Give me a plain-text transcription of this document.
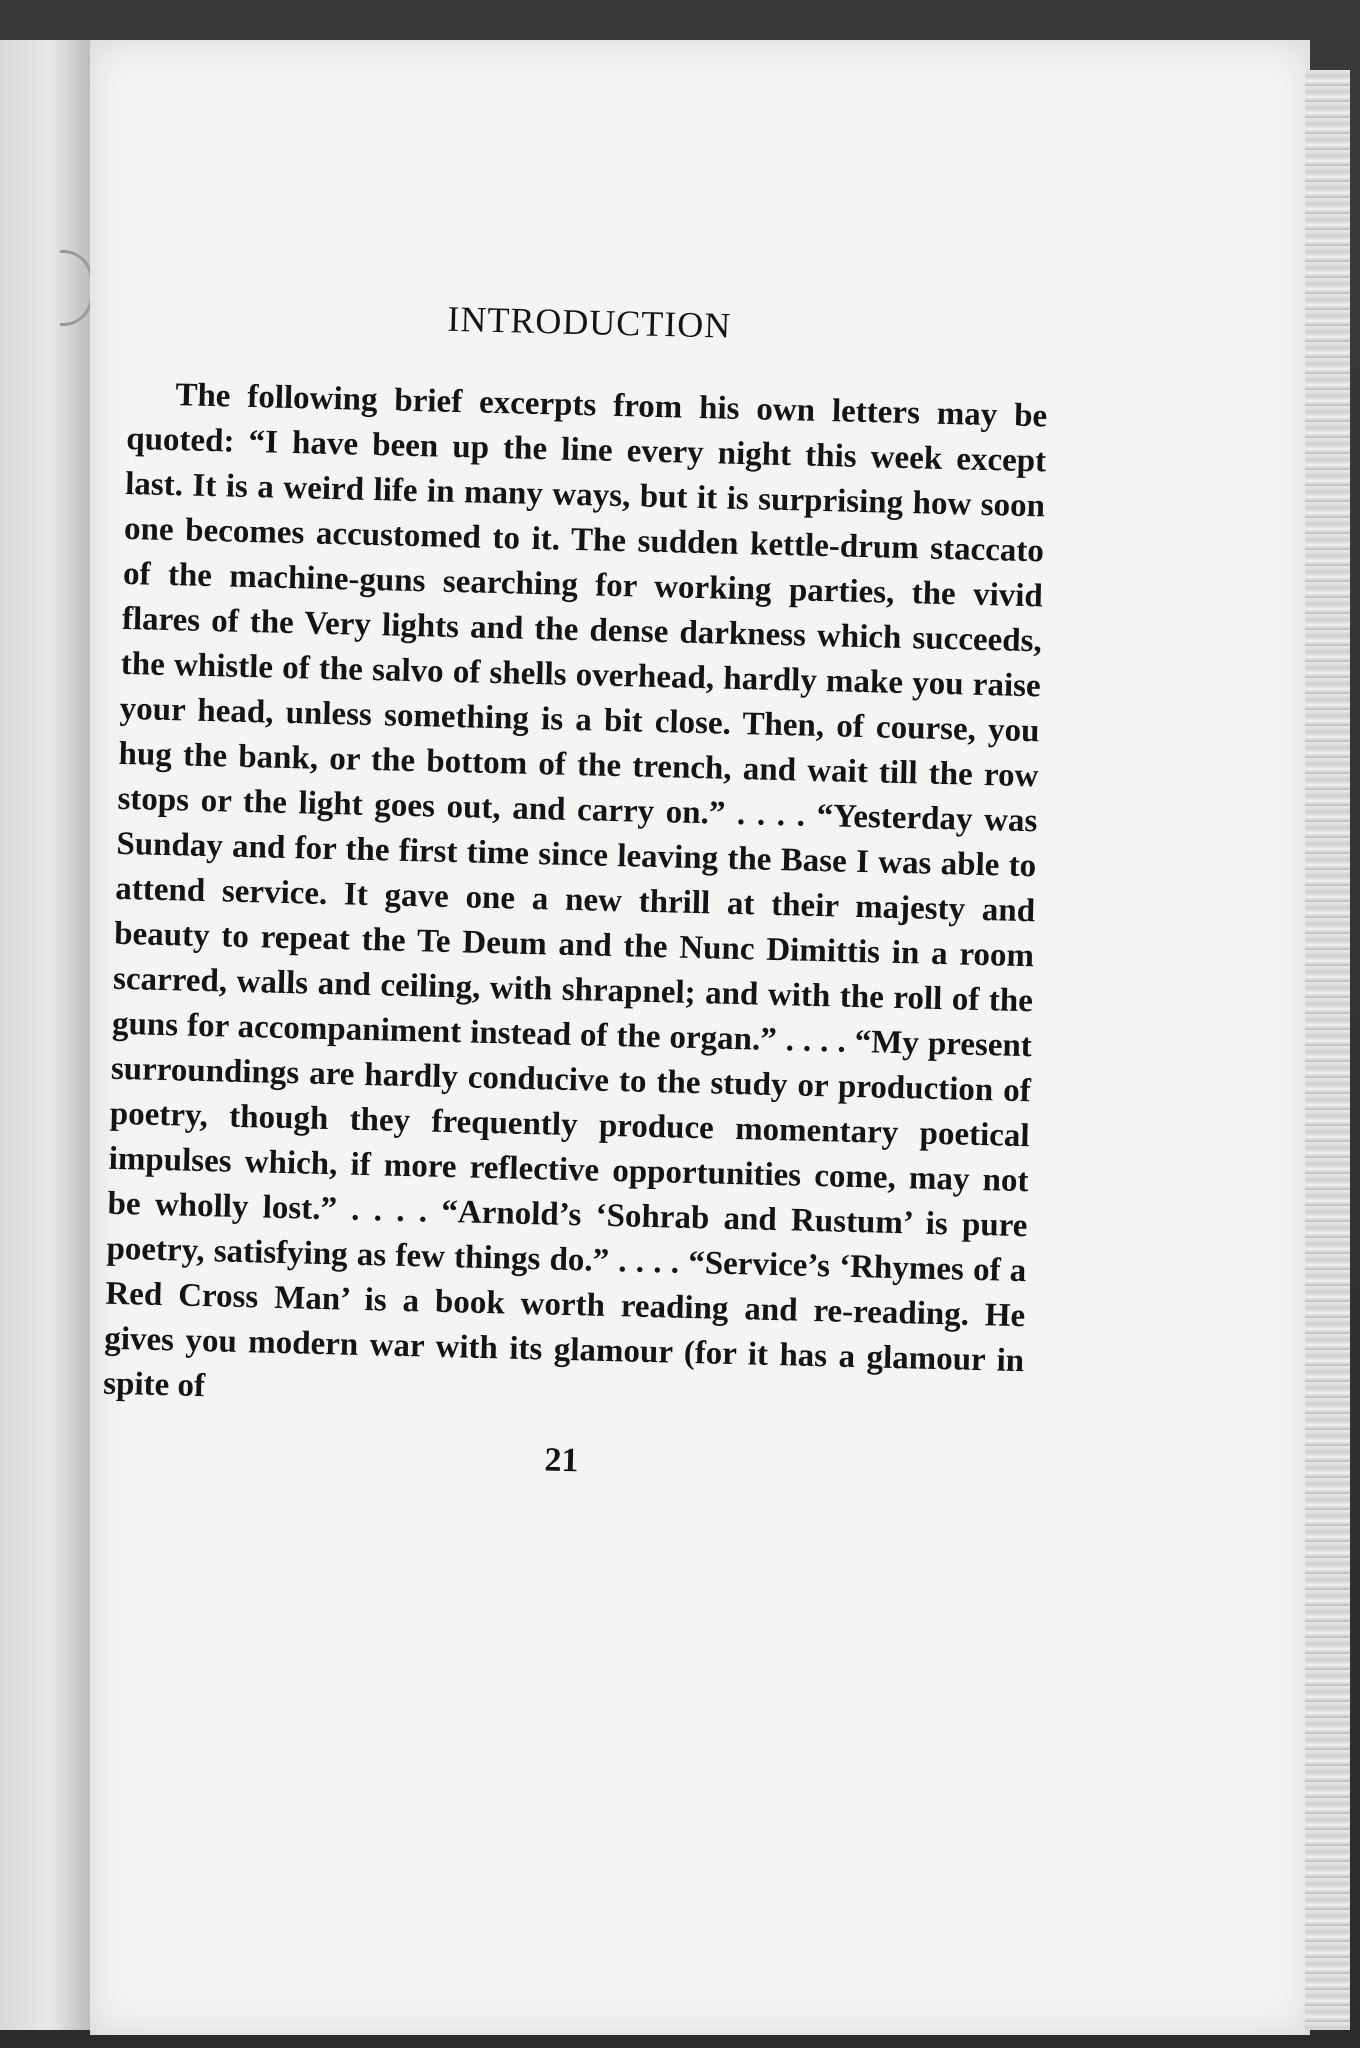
INTRODUCTION

The following brief excerpts from his own letters may be quoted: “I have been up the line every night this week except last. It is a weird life in many ways, but it is surprising how soon one becomes accustomed to it. The sudden kettle-drum staccato of the machine-guns searching for working parties, the vivid flares of the Very lights and the dense darkness which succeeds, the whistle of the salvo of shells overhead, hardly make you raise your head, unless something is a bit close. Then, of course, you hug the bank, or the bottom of the trench, and wait till the row stops or the light goes out, and carry on.” . . . . “Yesterday was Sunday and for the first time since leaving the Base I was able to attend service. It gave one a new thrill at their majesty and beauty to repeat the Te Deum and the Nunc Dimittis in a room scarred, walls and ceiling, with shrapnel; and with the roll of the guns for accompaniment instead of the organ.” . . . . “My present surroundings are hardly conducive to the study or production of poetry, though they frequently produce momentary poetical impulses which, if more reflective opportunities come, may not be wholly lost.” . . . . “Arnold’s ‘Sohrab and Rustum’ is pure poetry, satisfying as few things do.” . . . . “Service’s ‘Rhymes of a Red Cross Man’ is a book worth reading and re-reading. He gives you modern war with its glamour (for it has a glamour in spite of

21
